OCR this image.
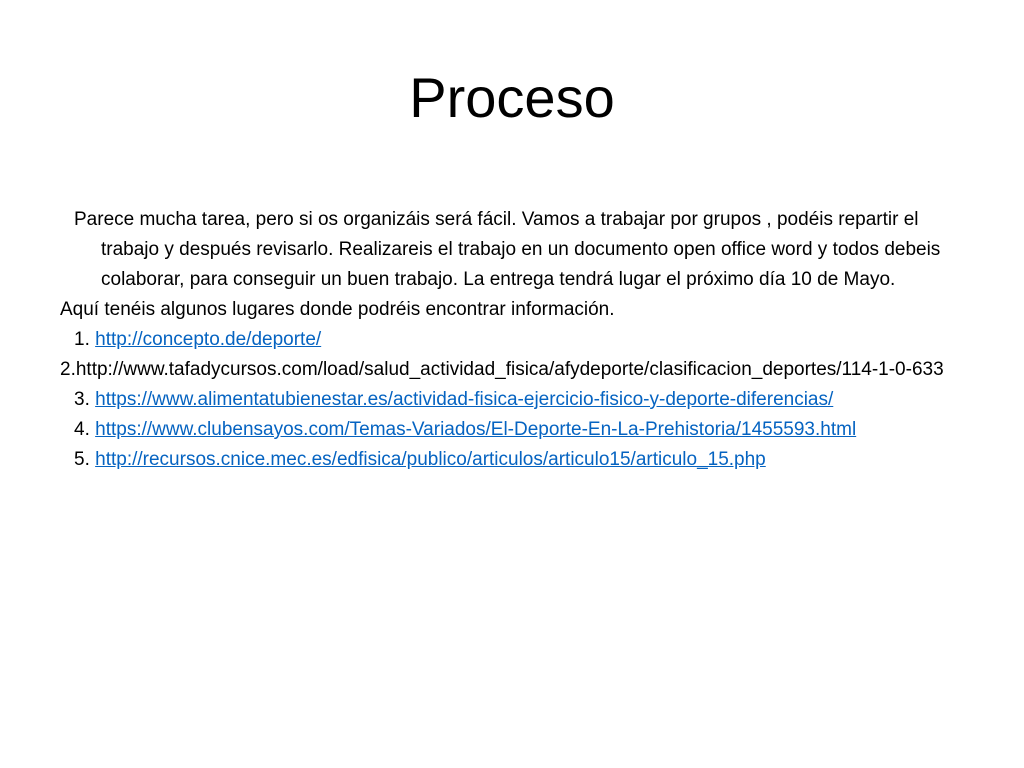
Proceso

Parece mucha tarea, pero si os organizáis será fácil. Vamos a trabajar por grupos , podéis repartir el trabajo y después revisarlo. Realizareis el trabajo en un documento open office word y todos debeis colaborar, para conseguir un buen trabajo. La entrega tendrá lugar el próximo día 10 de Mayo.

Aquí tenéis algunos lugares donde podréis encontrar información.

1. http://concepto.de/deporte/

2.http://www.tafadycursos.com/load/salud_actividad_fisica/afydeporte/clasificacion_deportes/114-1-0-633

3. https://www.alimentatubienestar.es/actividad-fisica-ejercicio-fisico-y-deporte-diferencias/

4. https://www.clubensayos.com/Temas-Variados/El-Deporte-En-La-Prehistoria/1455593.html

5. http://recursos.cnice.mec.es/edfisica/publico/articulos/articulo15/articulo_15.php
